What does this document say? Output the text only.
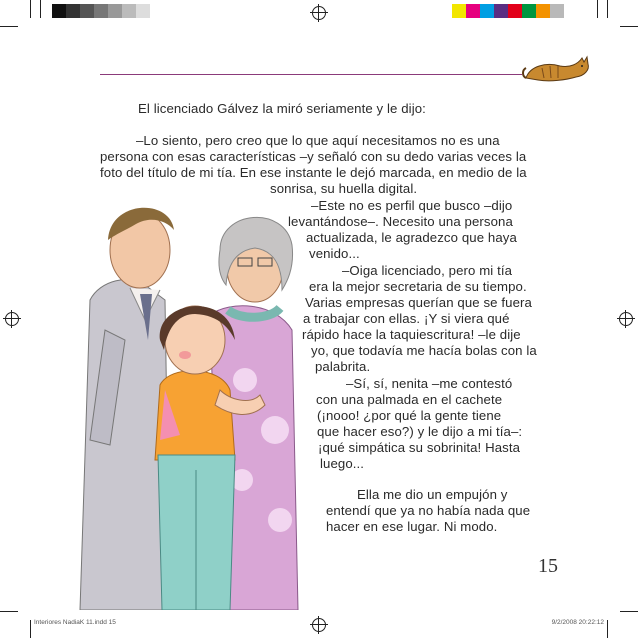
El licenciado Gálvez la miró seriamente y le dijo:
–Lo siento, pero creo que lo que aquí necesitamos no es una
persona con esas características –y señaló con su dedo varias veces la
foto del título de mi tía. En ese instante le dejó marcada, en medio de la
sonrisa, su huella digital.
–Este no es perfil que busco –dijo
levantándose–. Necesito una persona
actualizada, le agradezco que haya
venido...
–Oiga licenciado, pero mi tía
era la mejor secretaria de su tiempo.
Varias empresas querían que se fuera
a trabajar con ellas. ¡Y si viera qué
rápido hace la taquiescritura! –le dije
yo, que todavía me hacía bolas con la
palabrita.
–Sí, sí, nenita –me contestó
con una palmada en el cachete
(¡nooo! ¿por qué la gente tiene
que hacer eso?) y le dijo a mi tía–:
¡qué simpática su sobrinita! Hasta
luego...
Ella me dio un empujón y
entendí que ya no había nada que
hacer en ese lugar. Ni modo.
15
Interiores NadiaK 11.indd 15	9/2/2008 20:22:12
